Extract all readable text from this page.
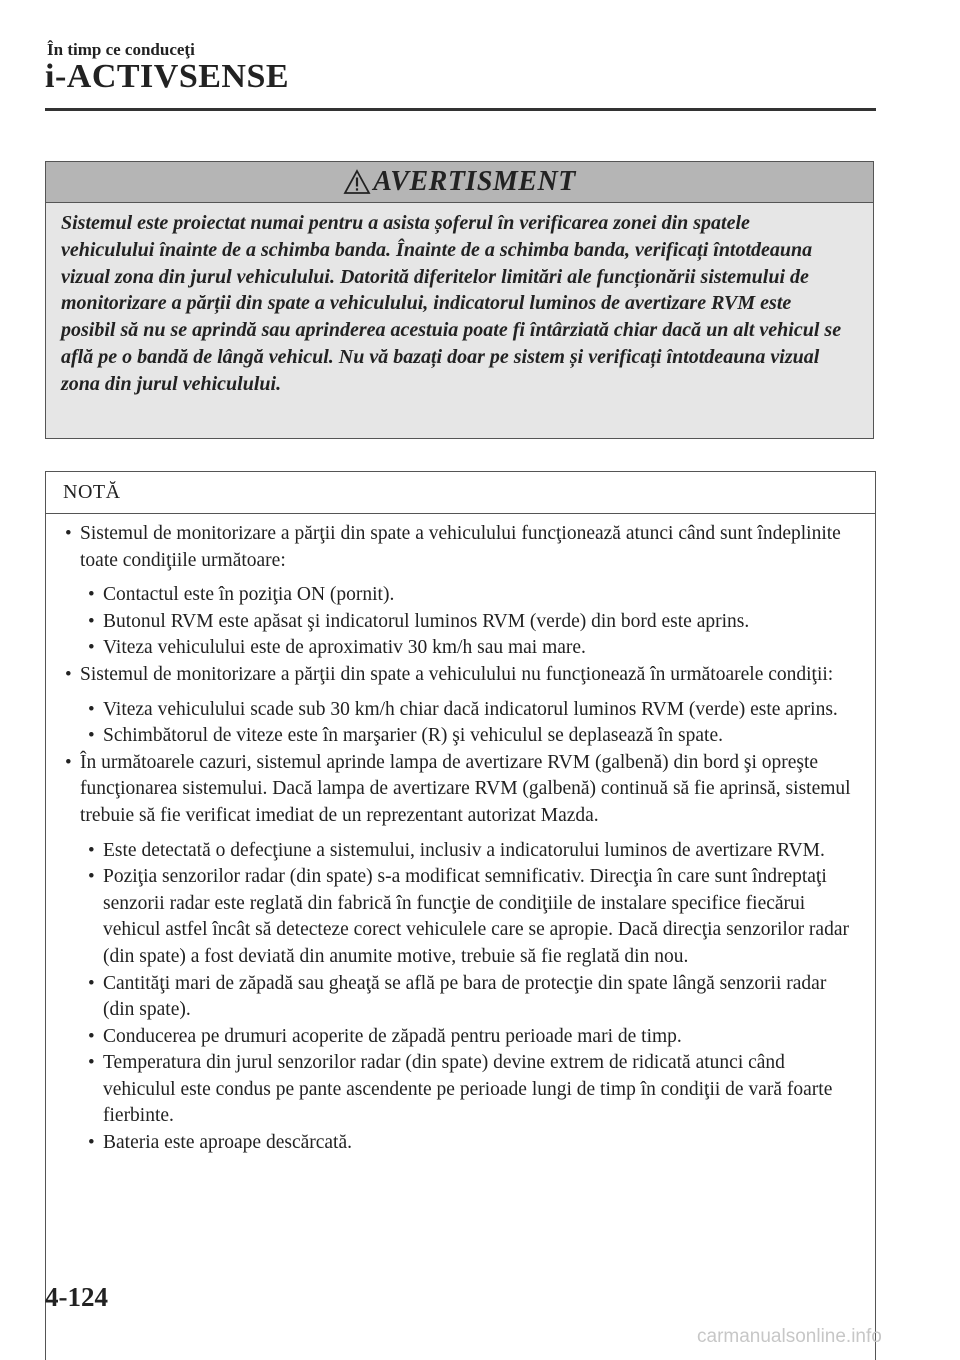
În timp ce conduceţi
i-ACTIVSENSE
AVERTISMENT
Sistemul este proiectat numai pentru a asista șoferul în verificarea zonei din spatele vehiculului înainte de a schimba banda. Înainte de a schimba banda, verificați întotdeauna vizual zona din jurul vehiculului. Datorită diferitelor limitări ale funcționării sistemului de monitorizare a părții din spate a vehiculului, indicatorul luminos de avertizare RVM este posibil să nu se aprindă sau aprinderea acestuia poate fi întârziată chiar dacă un alt vehicul se află pe o bandă de lângă vehicul. Nu vă bazați doar pe sistem și verificați întotdeauna vizual zona din jurul vehiculului.
NOTĂ
• Sistemul de monitorizare a părţii din spate a vehiculului funcţionează atunci când sunt îndeplinite toate condiţiile următoare:
• Contactul este în poziţia ON (pornit).
• Butonul RVM este apăsat şi indicatorul luminos RVM (verde) din bord este aprins.
• Viteza vehiculului este de aproximativ 30 km/h sau mai mare.
• Sistemul de monitorizare a părţii din spate a vehiculului nu funcţionează în următoarele condiţii:
• Viteza vehiculului scade sub 30 km/h chiar dacă indicatorul luminos RVM (verde) este aprins.
• Schimbătorul de viteze este în marşarier (R) şi vehiculul se deplasează în spate.
• În următoarele cazuri, sistemul aprinde lampa de avertizare RVM (galbenă) din bord şi opreşte funcţionarea sistemului. Dacă lampa de avertizare RVM (galbenă) continuă să fie aprinsă, sistemul trebuie să fie verificat imediat de un reprezentant autorizat Mazda.
• Este detectată o defecţiune a sistemului, inclusiv a indicatorului luminos de avertizare RVM.
• Poziţia senzorilor radar (din spate) s-a modificat semnificativ. Direcţia în care sunt îndreptaţi senzorii radar este reglată din fabrică în funcţie de condiţiile de instalare specifice fiecărui vehicul astfel încât să detecteze corect vehiculele care se apropie. Dacă direcţia senzorilor radar (din spate) a fost deviată din anumite motive, trebuie să fie reglată din nou.
• Cantităţi mari de zăpadă sau gheaţă se află pe bara de protecţie din spate lângă senzorii radar (din spate).
• Conducerea pe drumuri acoperite de zăpadă pentru perioade mari de timp.
• Temperatura din jurul senzorilor radar (din spate) devine extrem de ridicată atunci când vehiculul este condus pe pante ascendente pe perioade lungi de timp în condiţii de vară foarte fierbinte.
• Bateria este aproape descărcată.
4-124
carmanualsonline.info
